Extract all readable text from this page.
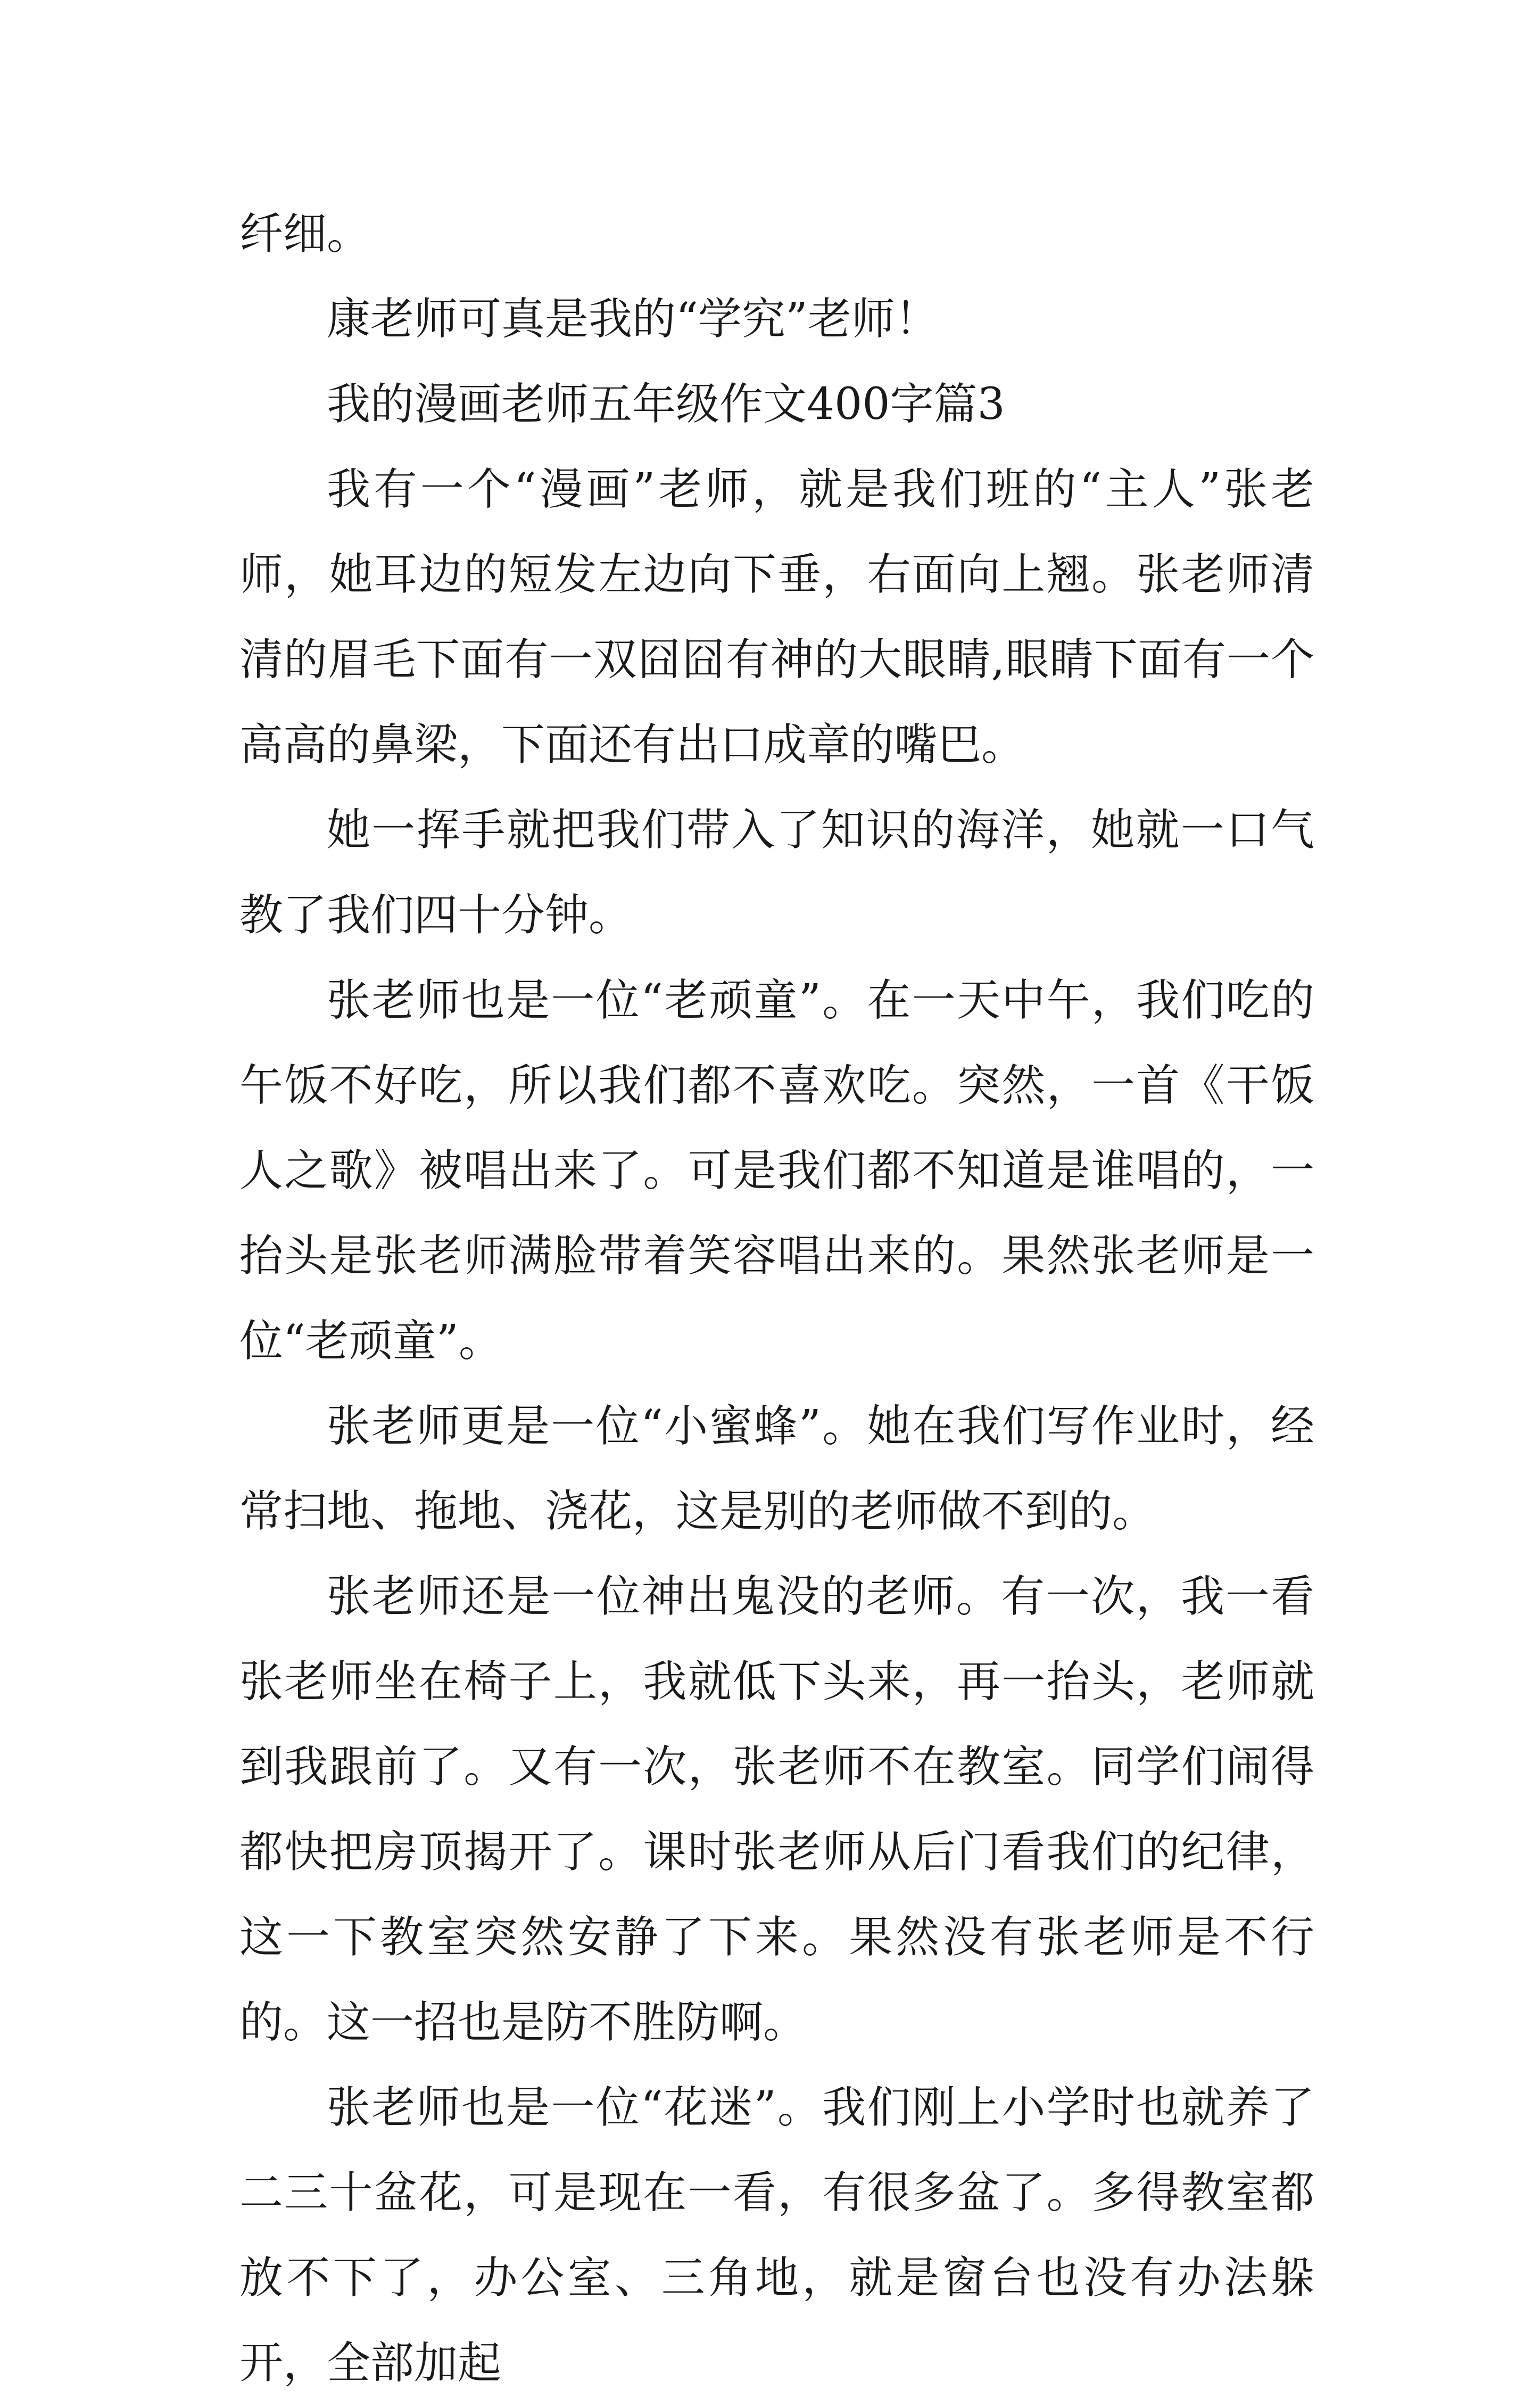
纤细。

康老师可真是我的“学究”老师！

我的漫画老师五年级作文400字篇3

我有一个“漫画”老师，就是我们班的“主人”张老师，她耳边的短发左边向下垂，右面向上翘。张老师清清的眉毛下面有一双囧囧有神的大眼睛,眼睛下面有一个高高的鼻梁，下面还有出口成章的嘴巴。

她一挥手就把我们带入了知识的海洋，她就一口气教了我们四十分钟。

张老师也是一位“老顽童”。在一天中午，我们吃的午饭不好吃，所以我们都不喜欢吃。突然，一首《干饭人之歌》被唱出来了。可是我们都不知道是谁唱的，一抬头是张老师满脸带着笑容唱出来的。果然张老师是一位“老顽童”。

张老师更是一位“小蜜蜂”。她在我们写作业时，经常扫地、拖地、浇花，这是别的老师做不到的。

张老师还是一位神出鬼没的老师。有一次，我一看张老师坐在椅子上，我就低下头来，再一抬头，老师就到我跟前了。又有一次，张老师不在教室。同学们闹得都快把房顶揭开了。课时张老师从后门看我们的纪律，这一下教室突然安静了下来。果然没有张老师是不行的。这一招也是防不胜防啊。

张老师也是一位“花迷”。我们刚上小学时也就养了二三十盆花，可是现在一看，有很多盆了。多得教室都放不下了，办公室、三角地，就是窗台也没有办法躲开，全部加起
